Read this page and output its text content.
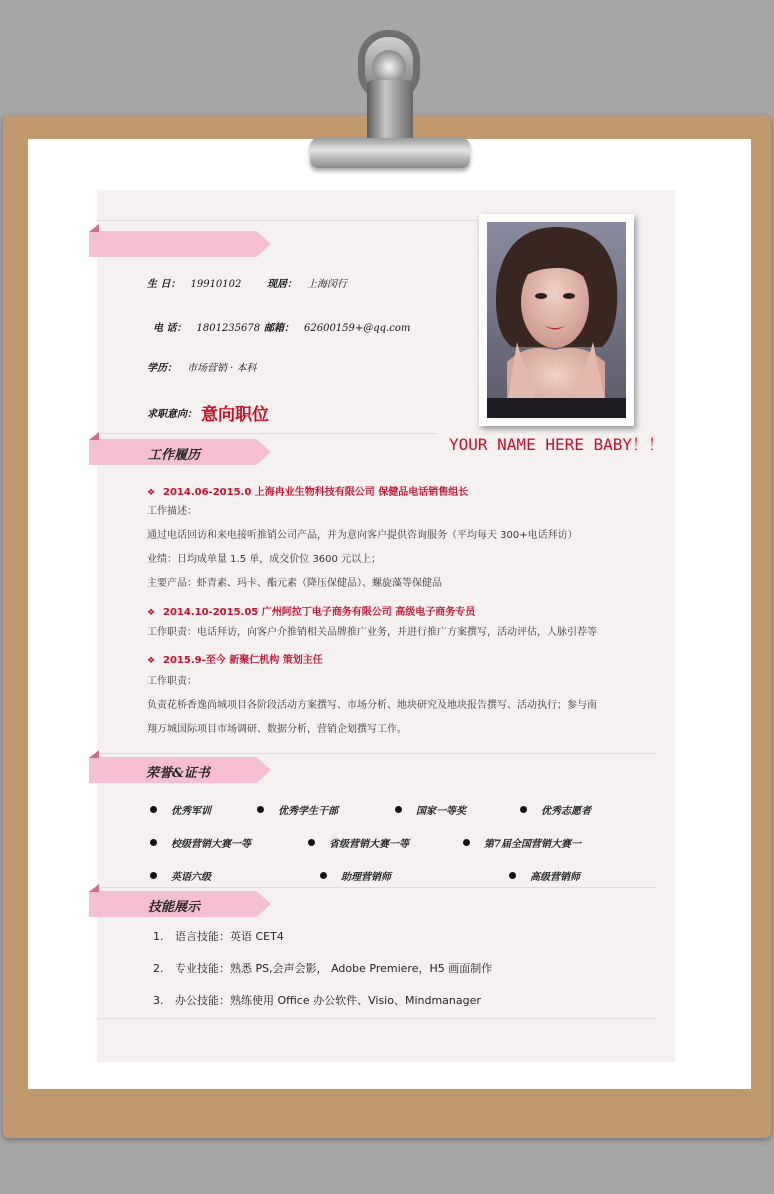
生 日： 19910102	现居： 上海闵行
电 话： 1801235678 邮箱： 62600159+@qq.com
学历： 市场营销 · 本科
求职意向： 意向职位
YOUR NAME HERE BABY！！
工作履历
❖ 2014.06-2015.0 上海冉业生物科技有限公司 保健品电话销售组长
工作描述：
通过电话回访和来电接听推销公司产品，并为意向客户提供咨询服务（平均每天 300+电话拜访）
业绩：日均成单量 1.5 单，成交价位 3600 元以上；
主要产品：虾青素、玛卡、酯元素（降压保健品）、螺旋藻等保健品
❖ 2014.10-2015.05 广州阿拉丁电子商务有限公司 高级电子商务专员
工作职责：电话拜访，向客户介推销相关品牌推广业务，并进行推广方案撰写，活动评估，人脉引荐等
❖ 2015.9-至今 新聚仁机构 策划主任
工作职责：
负责花桥香逸尚城项目各阶段活动方案撰写、市场分析、地块研究及地块报告撰写、活动执行；参与南
翔万城国际项目市场调研、数据分析，营销企划撰写工作。
荣誉&证书
优秀军训	优秀学生干部	国家一等奖	优秀志愿者
校级营销大赛一等	省级营销大赛一等	第7届全国营销大赛一
英语六级	助理营销师	高级营销师
技能展示
1. 语言技能：英语 CET4
2. 专业技能：熟悉 PS,会声会影， Adobe Premiere，H5 画面制作
3. 办公技能：熟练使用 Office 办公软件、Visio、Mindmanager
